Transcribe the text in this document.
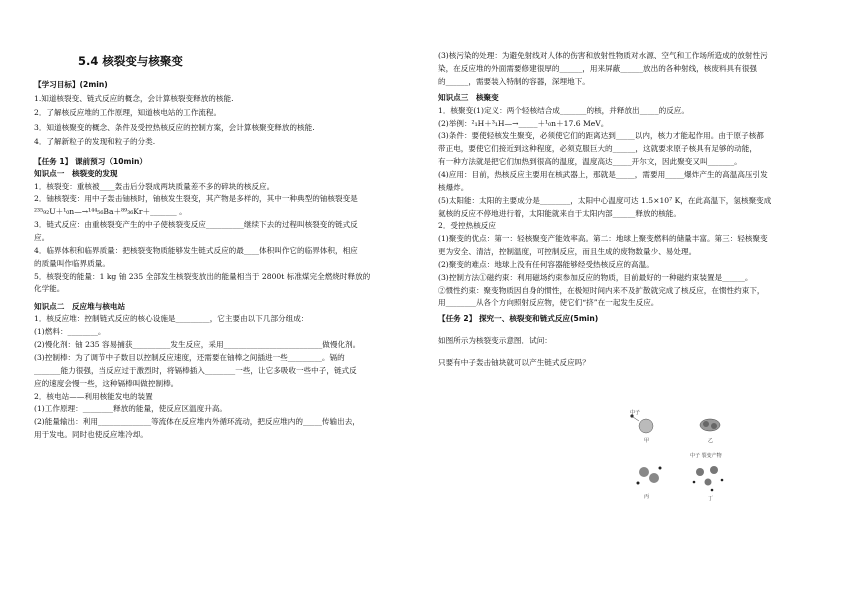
5.4 核裂变与核聚变

【学习目标】(2min)

1.知道核裂变、链式反应的概念，会计算核裂变释放的核能.

2．了解核反应堆的工作原理，知道核电站的工作流程。

3．知道核聚变的概念、条件及受控热核反应的控制方案，会计算核聚变释放的核能.

4．了解新粒子的发现和粒子的分类.

【任务 1】 课前预习（10min）

知识点一　核裂变的发现

1．核裂变：重核被____轰击后分裂成两块质量差不多的碎块的核反应。

2．铀核裂变：用中子轰击铀核时，铀核发生裂变，其产物是多样的，其中一种典型的铀核裂变是

²³⁵₉₂U＋¹₀n—→¹⁴⁴₅₆Ba＋⁸⁹₃₆Kr＋_______ 。

3．链式反应：由重核裂变产生的中子使核裂变反应__________继续下去的过程叫核裂变的链式反

应。

4．临界体积和临界质量：把核裂变物质能够发生链式反应的最____体积叫作它的临界体积，相应

的质量叫作临界质量。

5．核裂变的能量：1 kg 铀 235 全部发生核裂变放出的能量相当于 2800t 标准煤完全燃烧时释放的

化学能。

知识点二　反应堆与核电站

1．核反应堆：控制链式反应的核心设施是_________，它主要由以下几部分组成：

(1)燃料：________。

(2)慢化剂：铀 235 容易捕获__________发生反应，采用__________________________做慢化剂。

(3)控制棒：为了调节中子数目以控制反应速度，还需要在铀棒之间插进一些_________。镉的

_______能力很强，当反应过于激烈时，将镉棒插入________一些，让它多吸收一些中子，链式反

应的速度会慢一些，这种镉棒叫做控制棒。

2．核电站——利用核能发电的装置

(1)工作原理：________释放的能量，使反应区温度升高。

(2)能量输出：利用______________等流体在反应堆内外循环流动，把反应堆内的_____传输出去，

用于发电。同时也使反应堆冷却。

(3)核污染的处理：为避免射线对人体的伤害和放射性物质对水源、空气和工作场所造成的放射性污

染，在反应堆的外面需要修建很厚的______，用来屏蔽______放出的各种射线，核废料具有很强

的______，需要装入特制的容器，深埋地下。

知识点三　核聚变

1．核聚变(1)定义：两个轻核结合成_______的核，并释放出_____的反应。

(2)举例：²₁H＋³₁H—→_____＋¹₀n＋17.6 MeV。

(3)条件：要使轻核发生聚变，必须使它们的距离达到_____以内，核力才能起作用。由于原子核都

带正电，要使它们接近到这种程度，必须克服巨大的______，这就要求原子核具有足够的动能，

有一种方法就是把它们加热到很高的温度，温度高达_____开尔文，因此聚变又叫_______。

(4)应用：目前，热核反应主要用在核武器上，那就是_____，需要用_____爆炸产生的高温高压引发

核爆炸。

(5)太阳能：太阳的主要成分是________，太阳中心温度可达 1.5×10⁷ K，在此高温下，氢核聚变成

氦核的反应不停地进行着，太阳能就来自于太阳内部______释放的核能。

2．受控热核反应

(1)聚变的优点：第一：轻核聚变产能效率高。第二：地球上聚变燃料的储量丰富。第三：轻核聚变

更为安全、清洁，控制温度，可控制反应，而且生成的废物数量少、易处理。

(2)聚变的难点：地球上没有任何容器能够经受热核反应的高温。

(3)控制方法①磁约束：利用磁场约束参加反应的物质，目前最好的一种磁约束装置是______。

②惯性约束：聚变物质因自身的惯性，在极短时间内来不及扩散就完成了核反应，在惯性约束下，

用________从各个方向照射反应物，使它们“挤”在一起发生反应。

【任务 2】 探究一、核裂变和链式反应(5min)

如图所示为核裂变示意图．试问：

只要有中子轰击铀块就可以产生链式反应吗？

中子
甲	乙
丙
中子 裂变产物
丁
